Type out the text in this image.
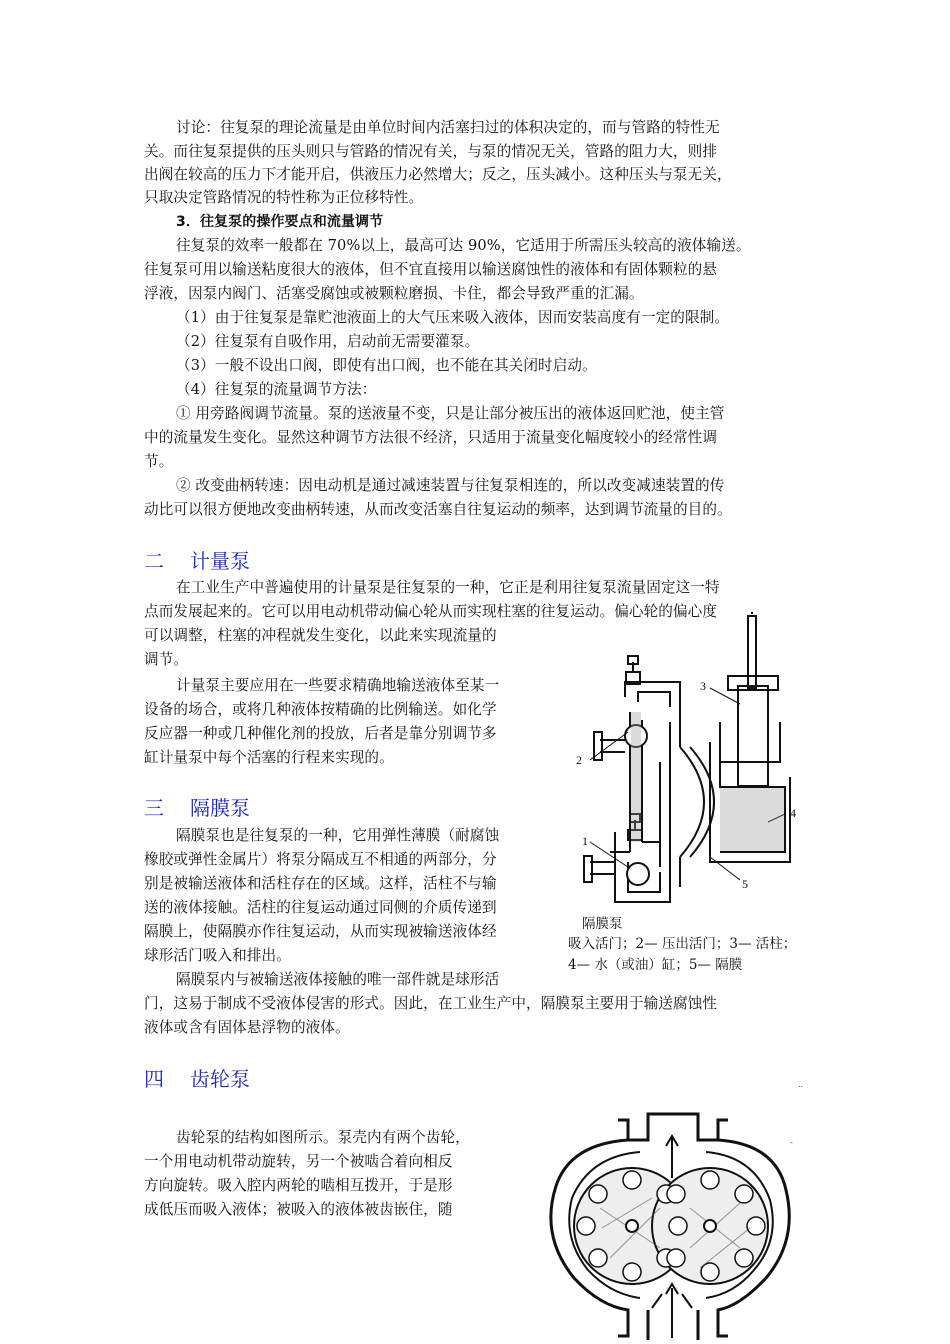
讨论：往复泵的理论流量是由单位时间内活塞扫过的体积决定的，而与管路的特性无
关。而往复泵提供的压头则只与管路的情况有关，与泵的情况无关，管路的阻力大，则排
出阀在较高的压力下才能开启，供液压力必然增大；反之，压头减小。这种压头与泵无关，
只取决定管路情况的特性称为正位移特性。
3．往复泵的操作要点和流量调节
往复泵的效率一般都在 70%以上，最高可达 90%，它适用于所需压头较高的液体输送。
往复泵可用以输送粘度很大的液体，但不宜直接用以输送腐蚀性的液体和有固体颗粒的悬
浮液，因泵内阀门、活塞受腐蚀或被颗粒磨损、卡住，都会导致严重的汇漏。
（1）由于往复泵是靠贮池液面上的大气压来吸入液体，因而安装高度有一定的限制。
（2）往复泵有自吸作用，启动前无需要灌泵。
（3）一般不设出口阀，即使有出口阀，也不能在其关闭时启动。
（4）往复泵的流量调节方法：
① 用旁路阀调节流量。泵的送液量不变，只是让部分被压出的液体返回贮池，使主管
中的流量发生变化。显然这种调节方法很不经济，只适用于流量变化幅度较小的经常性调
节。
② 改变曲柄转速：因电动机是通过减速装置与往复泵相连的，所以改变减速装置的传
动比可以很方便地改变曲柄转速，从而改变活塞自往复运动的频率，达到调节流量的目的。
二 计量泵
在工业生产中普遍使用的计量泵是往复泵的一种，它正是利用往复泵流量固定这一特
点而发展起来的。它可以用电动机带动偏心轮从而实现柱塞的往复运动。偏心轮的偏心度
可以调整，柱塞的冲程就发生变化，以此来实现流量的
调节。
计量泵主要应用在一些要求精确地输送液体至某一
设备的场合，或将几种液体按精确的比例输送。如化学
反应器一种或几种催化剂的投放，后者是靠分别调节多
缸计量泵中每个活塞的行程来实现的。
三 隔膜泵
隔膜泵也是往复泵的一种，它用弹性薄膜（耐腐蚀
橡胶或弹性金属片）将泵分隔成互不相通的两部分，分
别是被输送液体和活柱存在的区域。这样，活柱不与输
送的液体接触。活柱的往复运动通过同侧的介质传递到
隔膜上，使隔膜亦作往复运动，从而实现被输送液体经
球形活门吸入和排出。
隔膜泵内与被输送液体接触的唯一部件就是球形活
门，这易于制成不受液体侵害的形式。因此，在工业生产中，隔膜泵主要用于输送腐蚀性
液体或含有固体悬浮物的液体。
3
2
4
1
5
隔膜泵
吸入活门；2— 压出活门；3— 活柱；
4— 水（或油）缸；5— 隔膜
四 齿轮泵
齿轮泵的结构如图所示。泵壳内有两个齿轮，
一个用电动机带动旋转，另一个被啮合着向相反
方向旋转。吸入腔内两轮的啮相互拨开，于是形
成低压而吸入液体；被吸入的液体被齿嵌住，随
..
-
